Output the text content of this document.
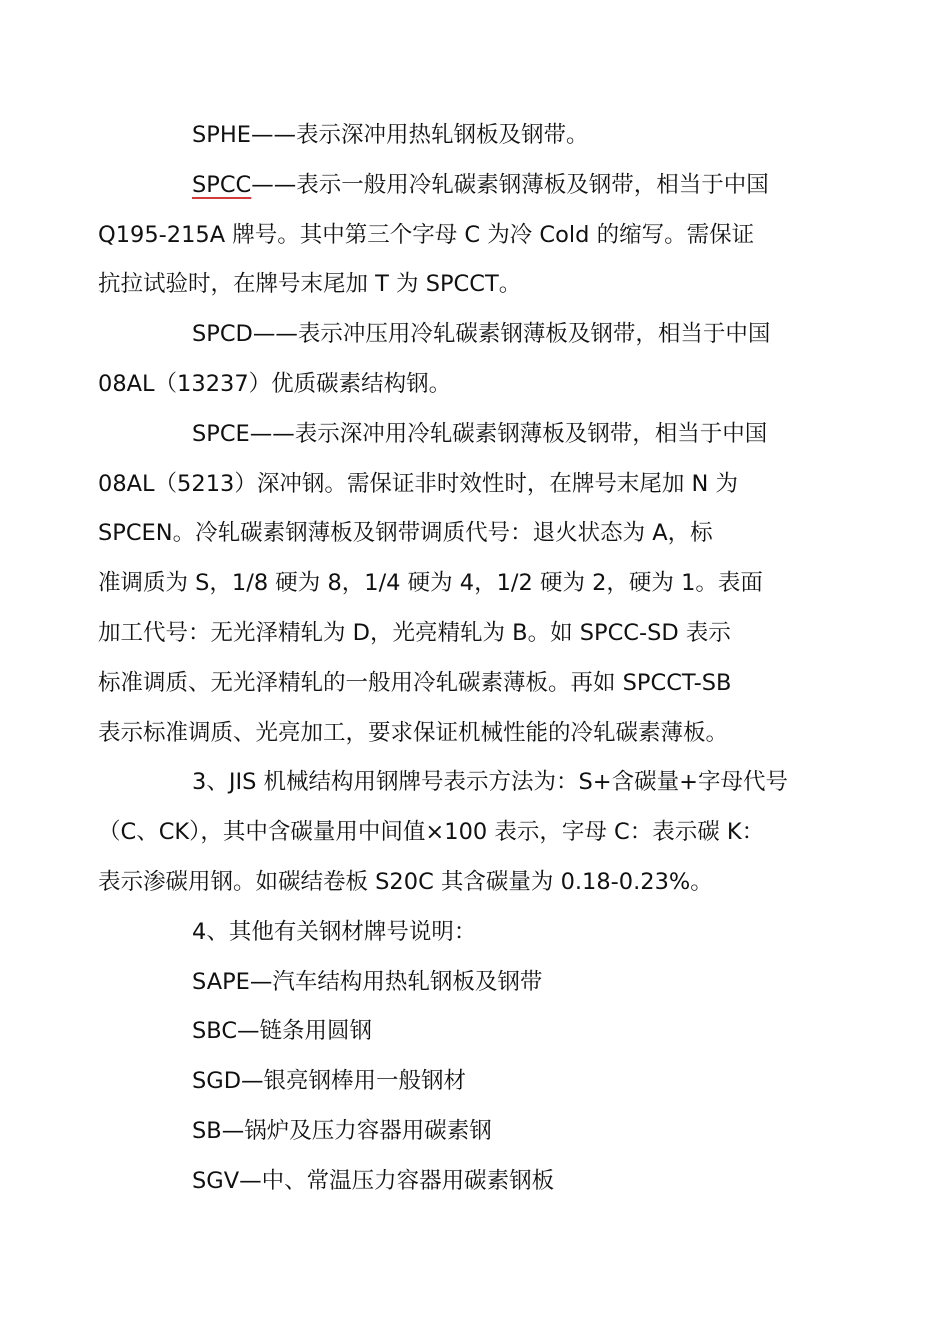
SPHE——表示深冲用热轧钢板及钢带。

SPCC——表示一般用冷轧碳素钢薄板及钢带，相当于中国
Q195-215A 牌号。其中第三个字母 C 为冷 Cold 的缩写。需保证
抗拉试验时，在牌号末尾加 T 为 SPCCT。

SPCD——表示冲压用冷轧碳素钢薄板及钢带，相当于中国
08AL（13237）优质碳素结构钢。

SPCE——表示深冲用冷轧碳素钢薄板及钢带，相当于中国
08AL（5213）深冲钢。需保证非时效性时，在牌号末尾加 N 为
SPCEN。冷轧碳素钢薄板及钢带调质代号：退火状态为 A，标
准调质为 S，1/8 硬为 8，1/4 硬为 4，1/2 硬为 2，硬为 1。表面
加工代号：无光泽精轧为 D，光亮精轧为 B。如 SPCC-SD 表示
标准调质、无光泽精轧的一般用冷轧碳素薄板。再如 SPCCT-SB
表示标准调质、光亮加工，要求保证机械性能的冷轧碳素薄板。

3、JIS 机械结构用钢牌号表示方法为：S+含碳量+字母代号
（C、CK），其中含碳量用中间值×100 表示，字母 C：表示碳 K：
表示渗碳用钢。如碳结卷板 S20C 其含碳量为 0.18-0.23%。

4、其他有关钢材牌号说明：

SAPE—汽车结构用热轧钢板及钢带

SBC—链条用圆钢

SGD—银亮钢棒用一般钢材

SB—锅炉及压力容器用碳素钢

SGV—中、常温压力容器用碳素钢板
